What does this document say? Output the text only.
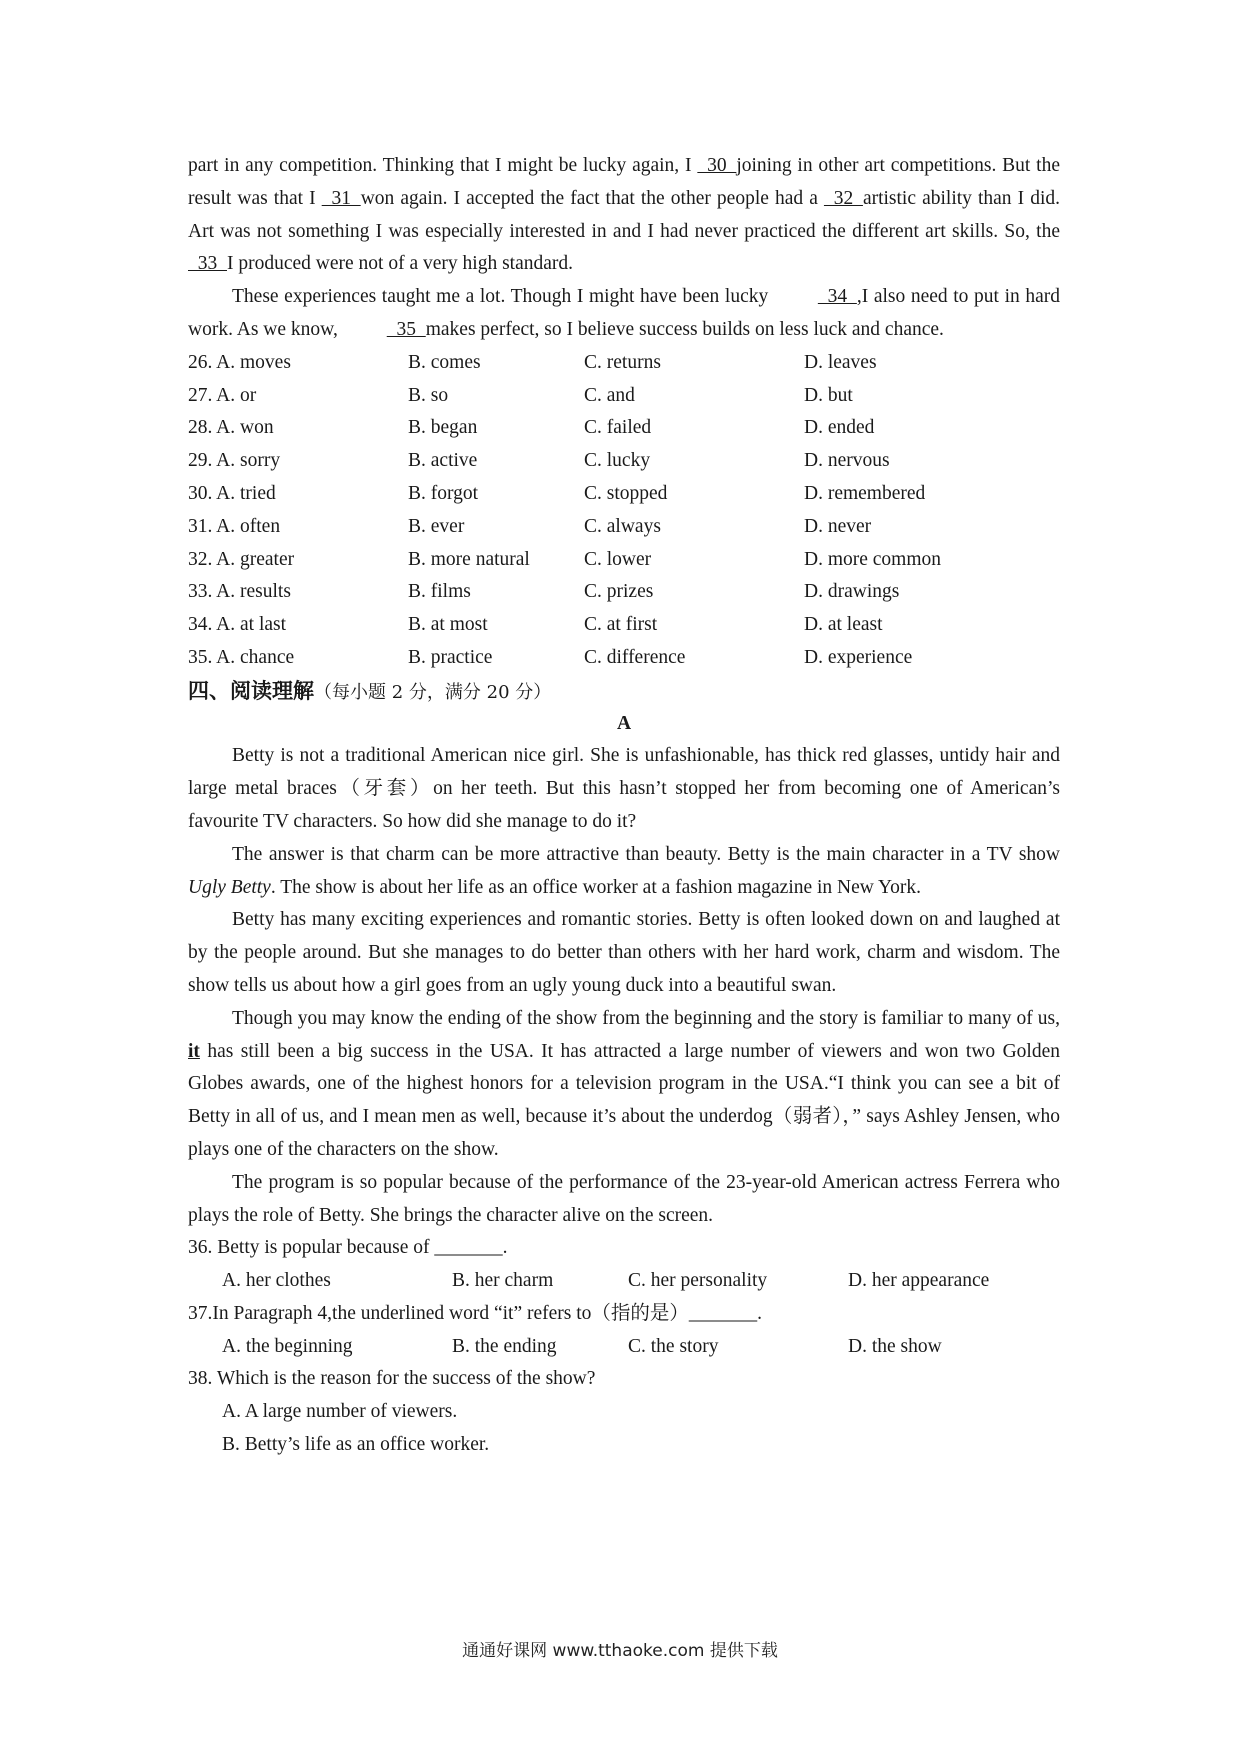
part in any competition. Thinking that I might be lucky again, I   30  joining in other art competitions. But the result was that I   31  won again. I accepted the fact that the other people had a   32  artistic ability than I did. Art was not something I was especially interested in and I had never practiced the different art skills. So, the   33  I produced were not of a very high standard.

These experiences taught me a lot. Though I might have been lucky   34  ,I also need to put in hard work. As we know,   35  makes perfect, so I believe success builds on less luck and chance.

26. A. moves	B. comes	C. returns	D. leaves
27. A. or	B. so	C. and	D. but
28. A. won	B. began	C. failed	D. ended
29. A. sorry	B. active	C. lucky	D. nervous
30. A. tried	B. forgot	C. stopped	D. remembered
31. A. often	B. ever	C. always	D. never
32. A. greater	B. more natural	C. lower	D. more common
33. A. results	B. films	C. prizes	D. drawings
34. A. at last	B. at most	C. at first	D. at least
35. A. chance	B. practice	C. difference	D. experience
四、阅读理解（每小题 2 分，满分 20 分）
A

Betty is not a traditional American nice girl. She is unfashionable, has thick red glasses, untidy hair and large metal braces（牙套）on her teeth. But this hasn’t stopped her from becoming one of American’s favourite TV characters. So how did she manage to do it?

The answer is that charm can be more attractive than beauty. Betty is the main character in a TV show Ugly Betty. The show is about her life as an office worker at a fashion magazine in New York.

Betty has many exciting experiences and romantic stories. Betty is often looked down on and laughed at by the people around. But she manages to do better than others with her hard work, charm and wisdom. The show tells us about how a girl goes from an ugly young duck into a beautiful swan.

Though you may know the ending of the show from the beginning and the story is familiar to many of us, it has still been a big success in the USA. It has attracted a large number of viewers and won two Golden Globes awards, one of the highest honors for a television program in the USA.“I think you can see a bit of Betty in all of us, and I mean men as well, because it’s about the underdog（弱者），” says Ashley Jensen, who plays one of the characters on the show.

The program is so popular because of the performance of the 23-year-old American actress Ferrera who plays the role of Betty. She brings the character alive on the screen.

36. Betty is popular because of _______.
A. her clothes	B. her charm	C. her personality	D. her appearance
37.In Paragraph 4,the underlined word “it” refers to（指的是）_______.
A. the beginning	B. the ending	C. the story	D. the show
38. Which is the reason for the success of the show?
A. A large number of viewers.
B. Betty’s life as an office worker.
通通好课网 www.tthaoke.com 提供下载
